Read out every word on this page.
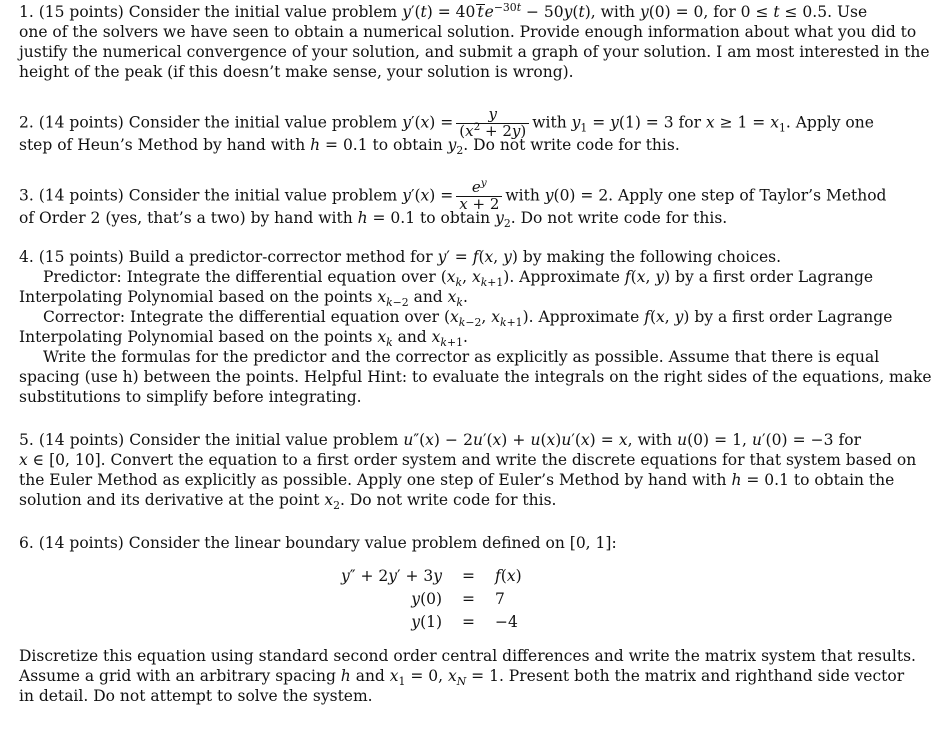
1. (15 points) Consider the initial value problem y′(t) = 40 $te^{-30t} - 50y(t)$, with y(0) = 0, for 0 ≤ t ≤ 0.5. Use
one of the solvers we have seen to obtain a numerical solution. Provide enough information about what you did to
justify the numerical convergence of your solution, and submit a graph of your solution. I am most interested in the
height of the peak (if this doesn’t make sense, your solution is wrong).
2. (14 points) Consider the initial value problem $y'(x) = \frac{y}{(x^2 + 2y)}$ with $y_1 = y(1) = 3$ for $x \ge 1 = x_1$. Apply one
step of Heun’s Method by hand with h = 0.1 to obtain $y_2$. Do not write code for this.
3. (14 points) Consider the initial value problem $y'(x) = \frac{e^y}{x + 2}$ with y(0) = 2. Apply one step of Taylor’s Method
of Order 2 (yes, that’s a two) by hand with h = 0.1 to obtain $y_2$. Do not write code for this.
4. (15 points) Build a predictor-corrector method for y′ = f(x, y) by making the following choices.
Predictor: Integrate the differential equation over ($x_k$, $x_{k+1}$). Approximate f(x, y) by a first order Lagrange
Interpolating Polynomial based on the points $x_{k-2}$ and $x_k$.
Corrector: Integrate the differential equation over ($x_{k-2}$, $x_{k+1}$). Approximate f(x, y) by a first order Lagrange
Interpolating Polynomial based on the points $x_k$ and $x_{k+1}$.
Write the formulas for the predictor and the corrector as explicitly as possible. Assume that there is equal
spacing (use h) between the points. Helpful Hint: to evaluate the integrals on the right sides of the equations, make
substitutions to simplify before integrating.
5. (14 points) Consider the initial value problem u″(x) − 2u′(x) + u(x)u′(x) = x, with u(0) = 1, u′(0) = −3 for
x ∈ [0, 10]. Convert the equation to a first order system and write the discrete equations for that system based on
the Euler Method as explicitly as possible. Apply one step of Euler’s Method by hand with h = 0.1 to obtain the
solution and its derivative at the point $x_2$. Do not write code for this.
6. (14 points) Consider the linear boundary value problem defined on [0, 1]:
y″ + 2y′ + 3y	=	f(x)
y(0)	=	7
y(1)	=	−4
Discretize this equation using standard second order central differences and write the matrix system that results.
Assume a grid with an arbitrary spacing h and $x_1 = 0$, $x_N = 1$. Present both the matrix and righthand side vector
in detail. Do not attempt to solve the system.
